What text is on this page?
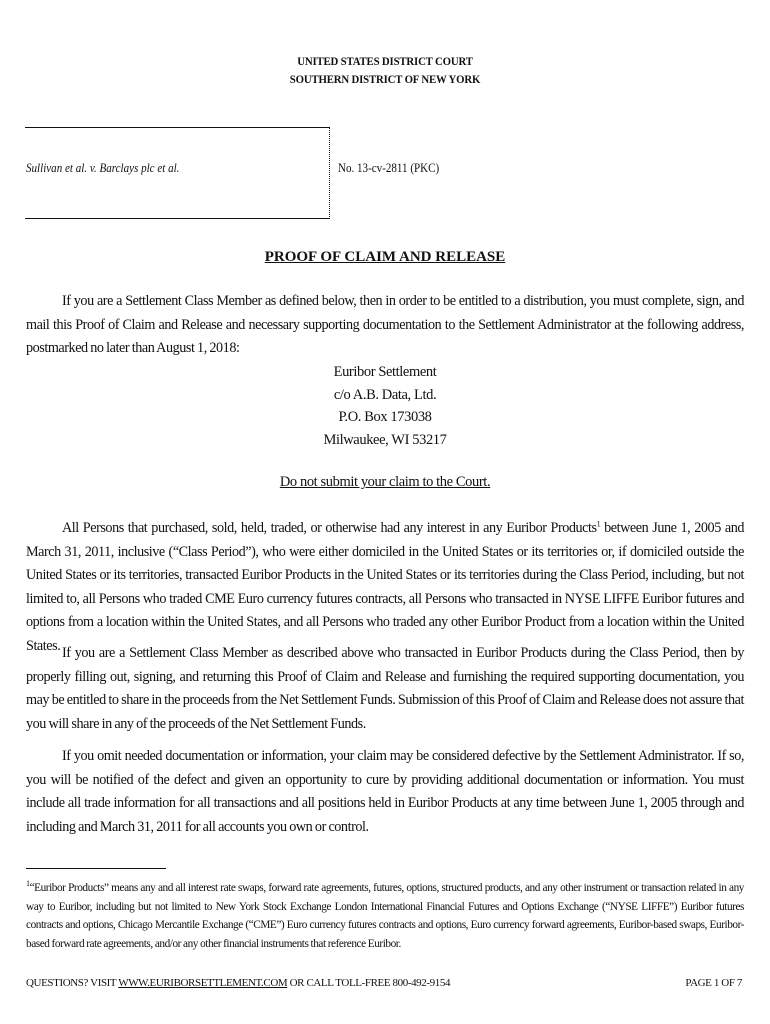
UNITED STATES DISTRICT COURT
SOUTHERN DISTRICT OF NEW YORK
Sullivan et al. v. Barclays plc et al.	No. 13-cv-2811 (PKC)
PROOF OF CLAIM AND RELEASE
If you are a Settlement Class Member as defined below, then in order to be entitled to a distribution, you must complete, sign, and mail this Proof of Claim and Release and necessary supporting documentation to the Settlement Administrator at the following address, postmarked no later than August 1, 2018:
Euribor Settlement
c/o A.B. Data, Ltd.
P.O. Box 173038
Milwaukee, WI 53217
Do not submit your claim to the Court.
All Persons that purchased, sold, held, traded, or otherwise had any interest in any Euribor Products$^1$ between June 1, 2005 and March 31, 2011, inclusive (“Class Period”), who were either domiciled in the United States or its territories or, if domiciled outside the United States or its territories, transacted Euribor Products in the United States or its territories during the Class Period, including, but not limited to, all Persons who traded CME Euro currency futures contracts, all Persons who transacted in NYSE LIFFE Euribor futures and options from a location within the United States, and all Persons who traded any other Euribor Product from a location within the United States. If you are a Settlement Class Member as described above who transacted in Euribor Products during the Class Period, then by properly filling out, signing, and returning this Proof of Claim and Release and furnishing the required supporting documentation, you may be entitled to share in the proceeds from the Net Settlement Funds. Submission of this Proof of Claim and Release does not assure that you will share in any of the proceeds of the Net Settlement Funds.
If you omit needed documentation or information, your claim may be considered defective by the Settlement Administrator. If so, you will be notified of the defect and given an opportunity to cure by providing additional documentation or information. You must include all trade information for all transactions and all positions held in Euribor Products at any time between June 1, 2005 through and including and March 31, 2011 for all accounts you own or control.
$^1$“Euribor Products” means any and all interest rate swaps, forward rate agreements, futures, options, structured products, and any other instrument or transaction related in any way to Euribor, including but not limited to New York Stock Exchange London International Financial Futures and Options Exchange (“NYSE LIFFE”) Euribor futures contracts and options, Chicago Mercantile Exchange (“CME”) Euro currency futures contracts and options, Euro currency forward agreements, Euribor-based swaps, Euribor-based forward rate agreements, and/or any other financial instruments that reference Euribor.
QUESTIONS? VISIT WWW.EURIBORSETTLEMENT.COM OR CALL TOLL-FREE 800-492-9154	PAGE 1 OF 7
